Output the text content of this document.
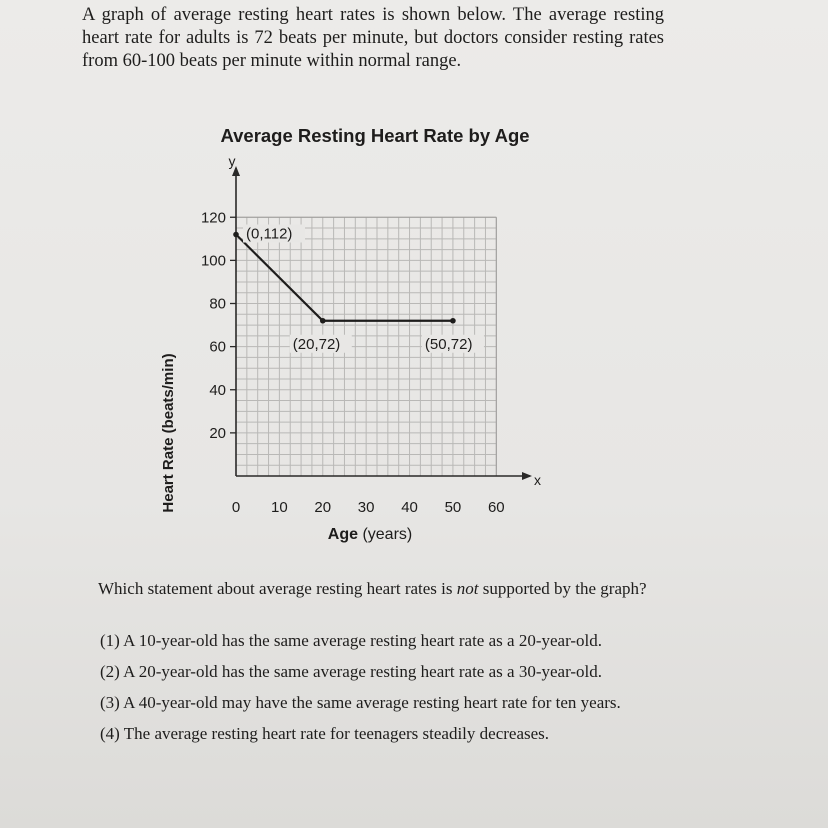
A graph of average resting heart rates is shown below. The average resting heart rate for adults is 72 beats per minute, but doctors consider resting rates from 60-100 beats per minute within normal range.

Average Resting Heart Rate by Age
20
40
60
80
100
120
0 10 20 30 40 50 60
(0,112)
(20,72)	(50,72)
Heart Rate (beats/min)
Age (years)
x
y

Which statement about average resting heart rates is not supported by the graph?

(1) A 10-year-old has the same average resting heart rate as a 20-year-old.
(2) A 20-year-old has the same average resting heart rate as a 30-year-old.
(3) A 40-year-old may have the same average resting heart rate for ten years.
(4) The average resting heart rate for teenagers steadily decreases.
